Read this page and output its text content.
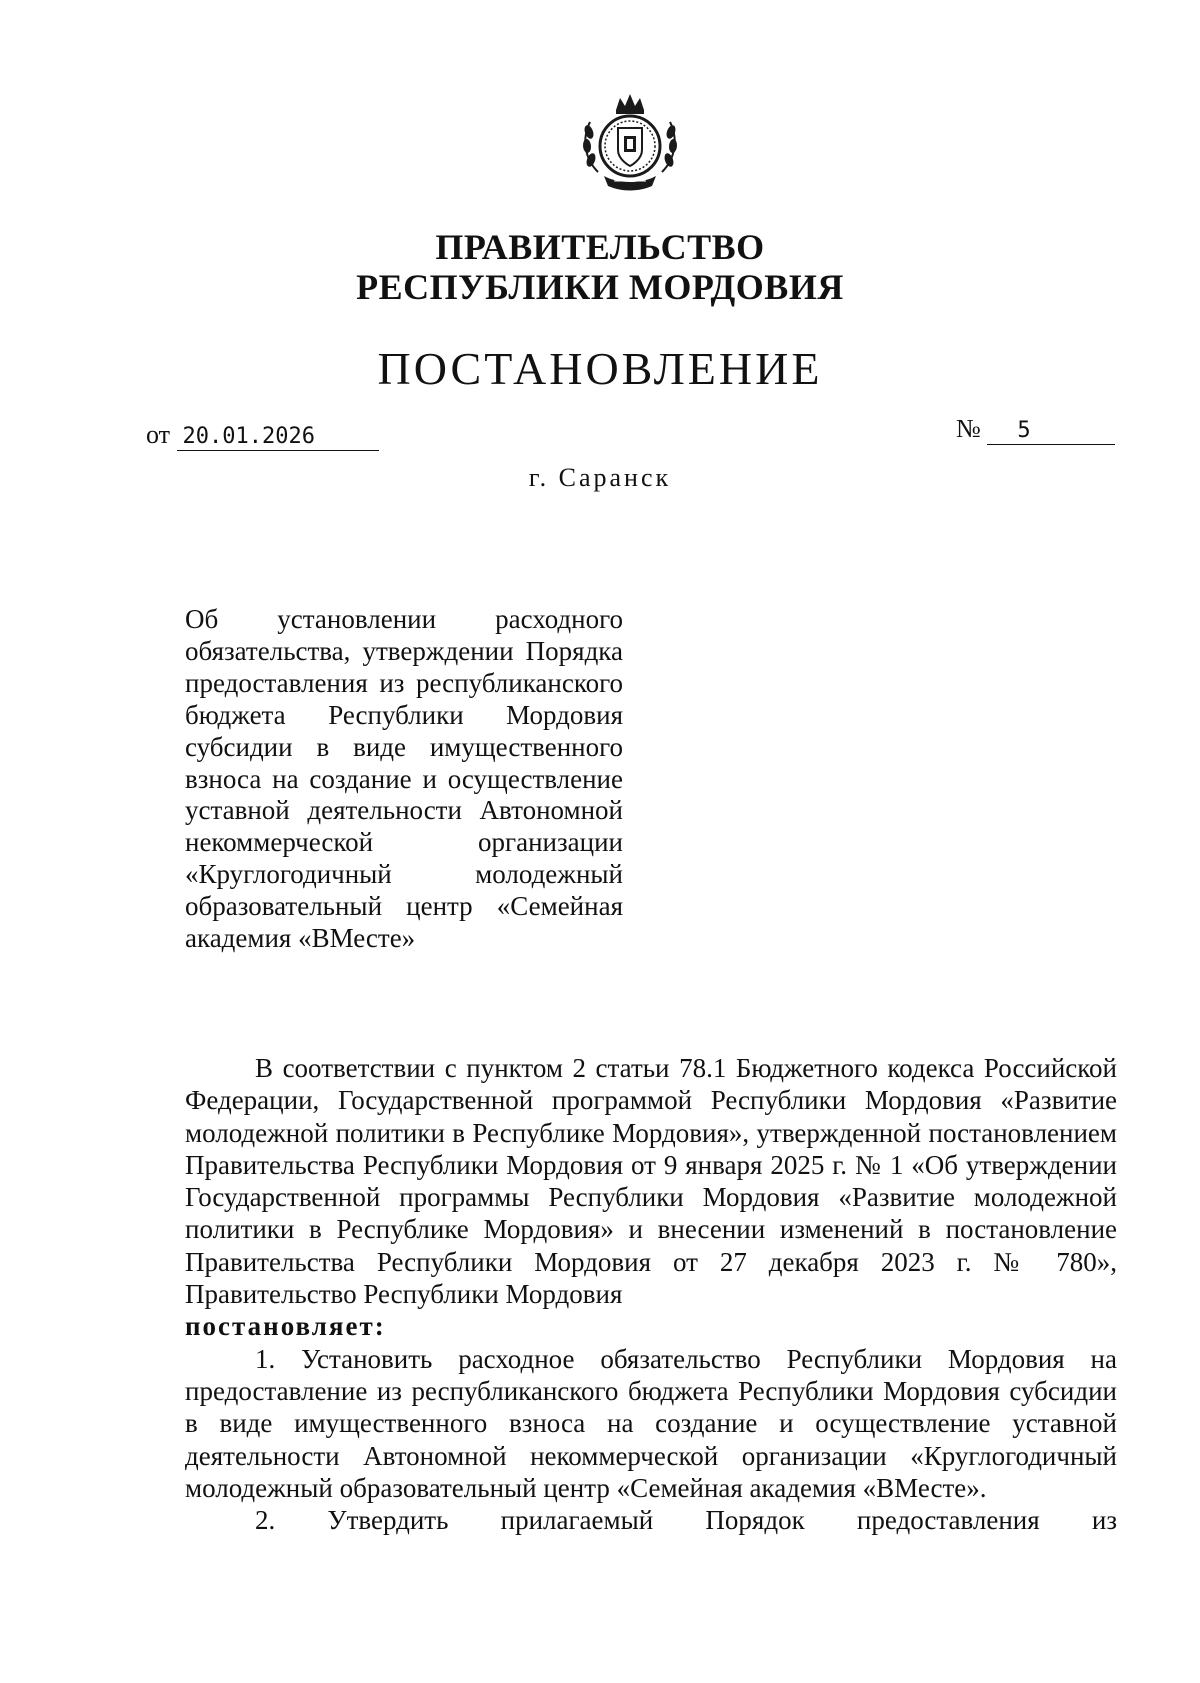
ПРАВИТЕЛЬСТВО
РЕСПУБЛИКИ МОРДОВИЯ
ПОСТАНОВЛЕНИЕ
от 20.01.2026	№ 5
г. Саранск
Об установлении расходного обязательства, утверждении Порядка предоставления из республиканского бюджета Республики Мордовия субсидии в виде имущественного взноса на создание и осуществление уставной деятельности Автономной некоммерческой организации «Круглогодичный молодежный образовательный центр «Семейная академия «ВМесте»

В соответствии с пунктом 2 статьи 78.1 Бюджетного кодекса Российской Федерации, Государственной программой Республики Мордовия «Развитие молодежной политики в Республике Мордовия», утвержденной постановлением Правительства Республики Мордовия от 9 января 2025 г. № 1 «Об утверждении Государственной программы Республики Мордовия «Развитие молодежной политики в Республике Мордовия» и внесении изменений в постановление Правительства Республики Мордовия от 27 декабря 2023 г. № 780», Правительство Республики Мордовия

постановляет:

1. Установить расходное обязательство Республики Мордовия на предоставление из республиканского бюджета Республики Мордовия субсидии в виде имущественного взноса на создание и осуществление уставной деятельности Автономной некоммерческой организации «Круглогодичный молодежный образовательный центр «Семейная академия «ВМесте».

2. Утвердить прилагаемый Порядок предоставления из
